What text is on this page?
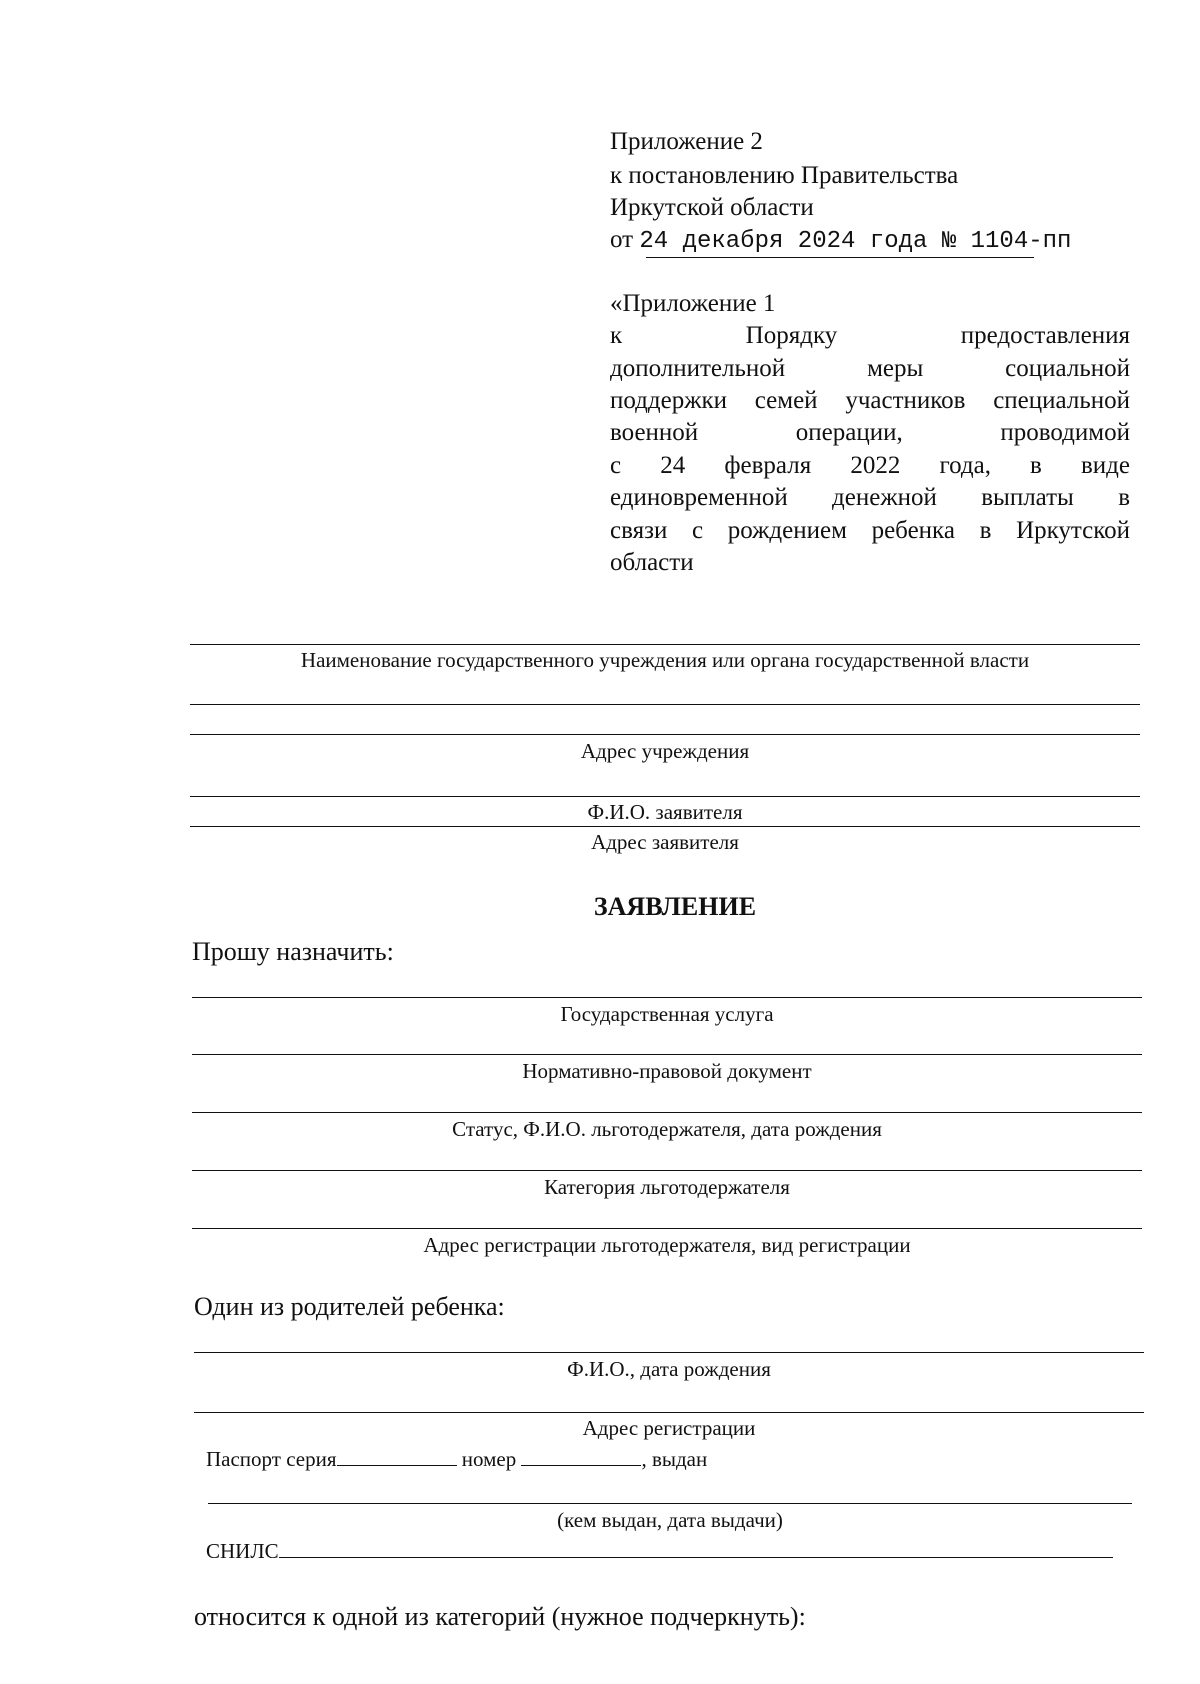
Приложение 2
к постановлению Правительства
Иркутской области
от 24 декабря 2024 года № 1104-пп
«Приложение 1
к Порядку предоставления
дополнительной меры социальной
поддержки семей участников специальной
военной операции, проводимой
с 24 февраля 2022 года, в виде
единовременной денежной выплаты в
связи с рождением ребенка в Иркутской
области
Наименование государственного учреждения или органа государственной власти
Адрес учреждения
Ф.И.О. заявителя
Адрес заявителя
ЗАЯВЛЕНИЕ
Прошу назначить:
Государственная услуга
Нормативно-правовой документ
Статус, Ф.И.О. льготодержателя, дата рождения
Категория льготодержателя
Адрес регистрации льготодержателя, вид регистрации
Один из родителей ребенка:
Ф.И.О., дата рождения
Адрес регистрации
Паспорт серия	номер	, выдан
(кем выдан, дата выдачи)
СНИЛС
относится к одной из категорий (нужное подчеркнуть):
